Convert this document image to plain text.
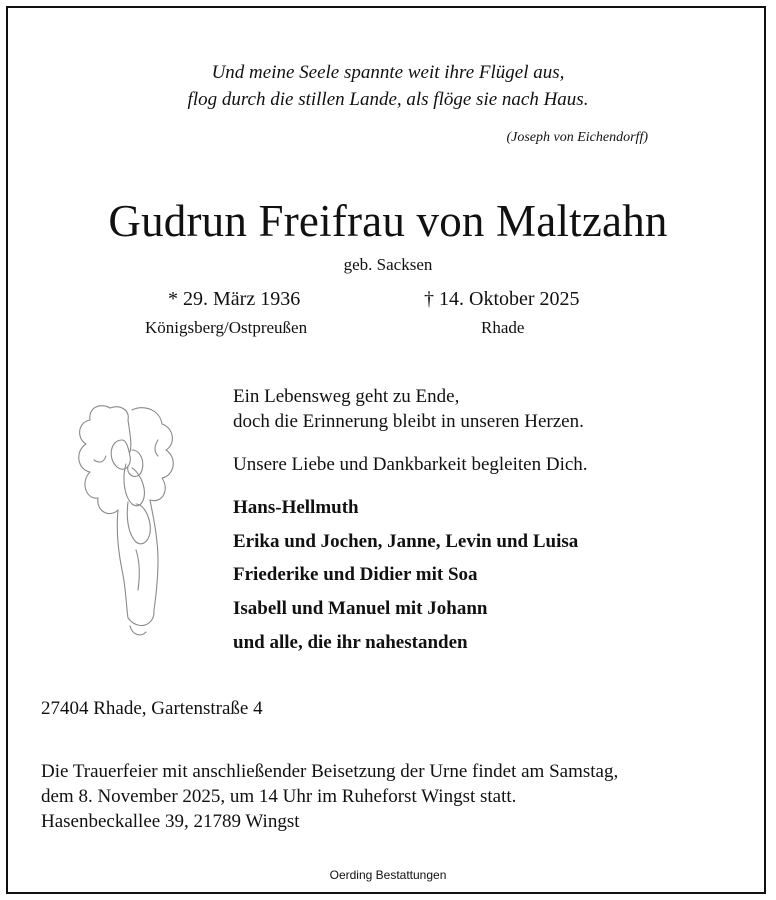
Und meine Seele spannte weit ihre Flügel aus,
flog durch die stillen Lande, als flöge sie nach Haus.
(Joseph von Eichendorff)
Gudrun Freifrau von Maltzahn
geb. Sacksen
* 29. März 1936	† 14. Oktober 2025
Königsberg/Ostpreußen	Rhade
Ein Lebensweg geht zu Ende,
doch die Erinnerung bleibt in unseren Herzen.
Unsere Liebe und Dankbarkeit begleiten Dich.
Hans-Hellmuth
Erika und Jochen, Janne, Levin und Luisa
Friederike und Didier mit Soa
Isabell und Manuel mit Johann
und alle, die ihr nahestanden
27404 Rhade, Gartenstraße 4
Die Trauerfeier mit anschließender Beisetzung der Urne findet am Samstag,
dem 8. November 2025, um 14 Uhr im Ruheforst Wingst statt.
Hasenbeckallee 39, 21789 Wingst
Oerding Bestattungen
